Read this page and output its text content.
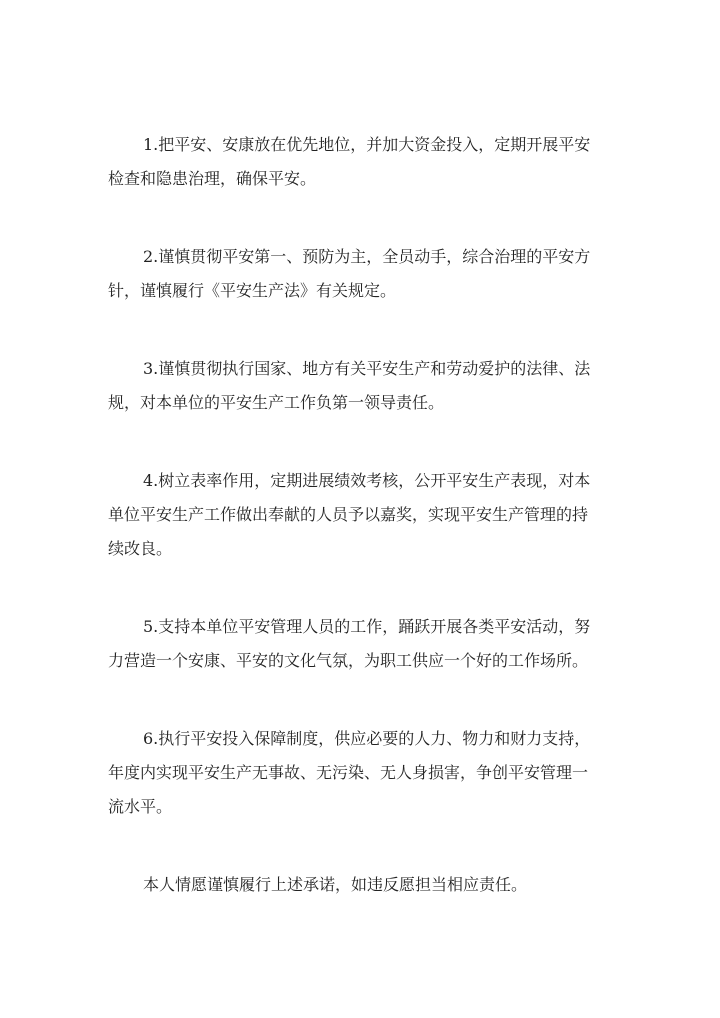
1.把平安、安康放在优先地位，并加大资金投入，定期开展平安
检查和隐患治理，确保平安。

2.谨慎贯彻平安第一、预防为主，全员动手，综合治理的平安方
针，谨慎履行《平安生产法》有关规定。

3.谨慎贯彻执行国家、地方有关平安生产和劳动爱护的法律、法
规，对本单位的平安生产工作负第一领导责任。

4.树立表率作用，定期进展绩效考核，公开平安生产表现，对本
单位平安生产工作做出奉献的人员予以嘉奖，实现平安生产管理的持
续改良。

5.支持本单位平安管理人员的工作，踊跃开展各类平安活动，努
力营造一个安康、平安的文化气氛，为职工供应一个好的工作场所。

6.执行平安投入保障制度，供应必要的人力、物力和财力支持，
年度内实现平安生产无事故、无污染、无人身损害，争创平安管理一
流水平。

本人情愿谨慎履行上述承诺，如违反愿担当相应责任。
